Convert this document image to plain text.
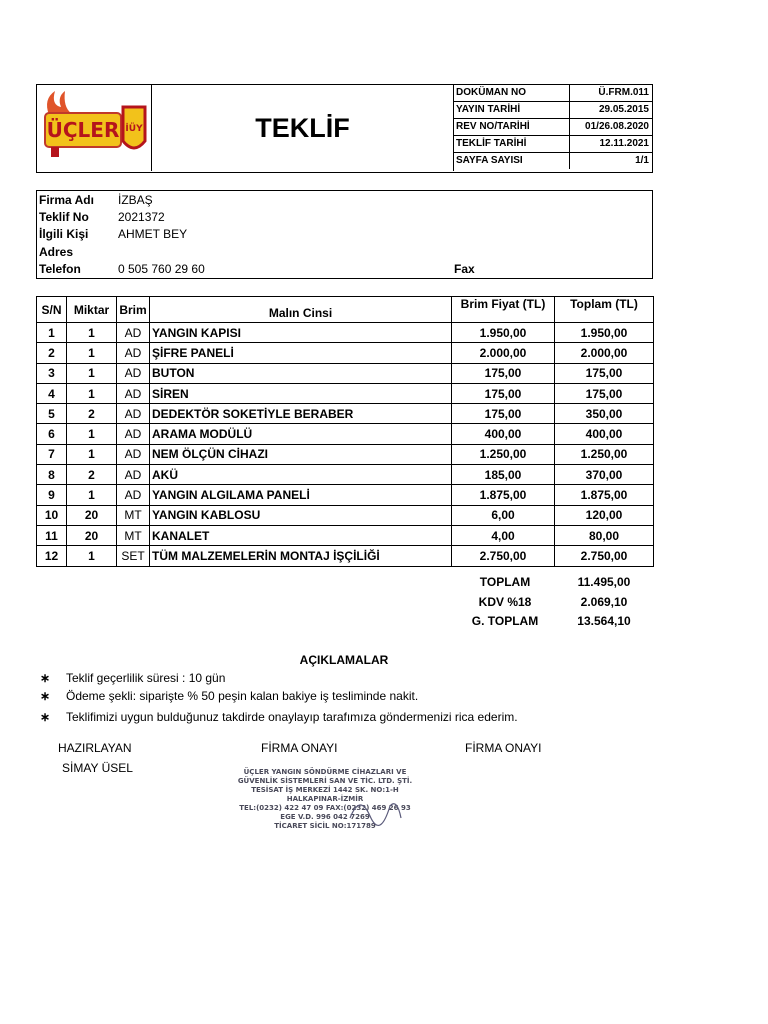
ÜÇLER İÜY	TEKLİF
DOKÜMAN NO	Ü.FRM.011
YAYIN TARİHİ	29.05.2015
REV NO/TARİHİ	01/26.08.2020
TEKLİF TARİHİ	12.11.2021
SAYFA SAYISI	1/1
Firma Adı İZBAŞ
Teklif No 2021372
İlgili Kişi AHMET BEY
Adres
Telefon	0 505 760 29 60	Fax
S/N	Miktar	Brim	Malın Cinsi	Brim Fiyat (TL)	Toplam (TL)
1	1	AD	YANGIN KAPISI	1.950,00	1.950,00
2	1	AD	ŞİFRE PANELİ	2.000,00	2.000,00
3	1	AD	BUTON	175,00	175,00
4	1	AD	SİREN	175,00	175,00
5	2	AD	DEDEKTÖR SOKETİYLE BERABER	175,00	350,00
6	1	AD	ARAMA MODÜLÜ	400,00	400,00
7	1	AD	NEM ÖLÇÜN CİHAZI	1.250,00	1.250,00
8	2	AD	AKÜ	185,00	370,00
9	1	AD	YANGIN ALGILAMA PANELİ	1.875,00	1.875,00
10	20	MT	YANGIN KABLOSU	6,00	120,00
11	20	MT	KANALET	4,00	80,00
12	1	SET	TÜM MALZEMELERİN MONTAJ İŞÇİLİĞİ	2.750,00	2.750,00
TOPLAM	11.495,00
KDV %18	2.069,10
G. TOPLAM	13.564,10
AÇIKLAMALAR
∗ Teklif geçerlilik süresi : 10 gün
∗ Ödeme şekli: siparişte % 50 peşin kalan bakiye iş tesliminde nakit.
∗ Teklifimizi uygun bulduğunuz takdirde onaylayıp tarafımıza göndermenizi rica ederim.
HAZIRLAYAN
SİMAY ÜSEL
FİRMA ONAYI	FİRMA ONAYI
ÜÇLER YANGIN SÖNDÜRME CİHAZLARI VE
GÜVENLİK SİSTEMLERİ SAN VE TİC. LTD. ŞTİ.
TESİSAT İŞ MERKEZİ 1442 SK. NO:1-H
HALKAPINAR-İZMİR
TEL:(0232) 422 47 09 FAX:(0232) 469 26 93
EGE V.D. 996 042 7269
TİCARET SİCİL NO:171789
